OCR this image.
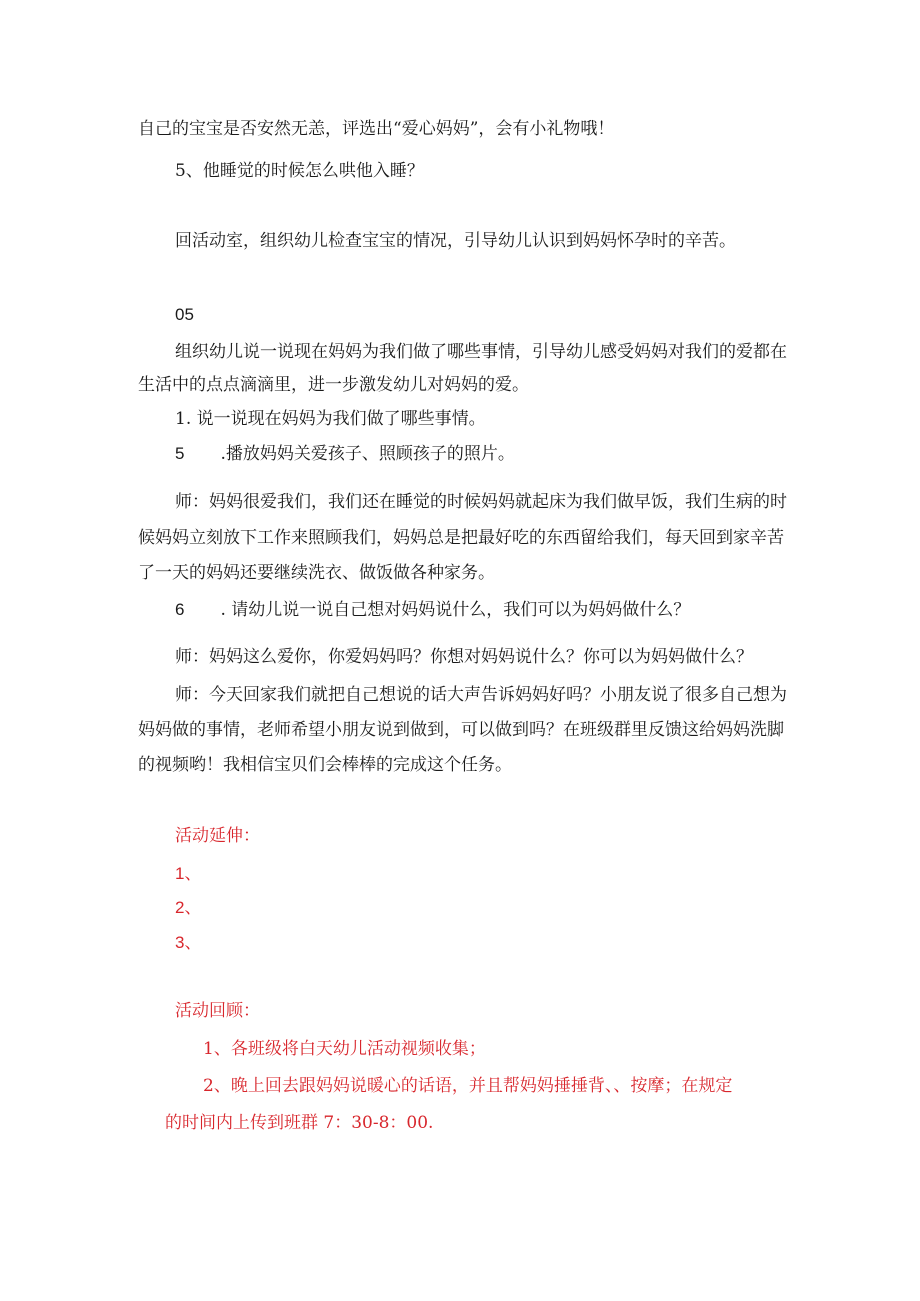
自己的宝宝是否安然无恙，评选出“爱心妈妈”，会有小礼物哦！
5、他睡觉的时候怎么哄他入睡？
回活动室，组织幼儿检查宝宝的情况，引导幼儿认识到妈妈怀孕时的辛苦。
05
组织幼儿说一说现在妈妈为我们做了哪些事情，引导幼儿感受妈妈对我们的爱都在
生活中的点点滴滴里，进一步激发幼儿对妈妈的爱。
1. 说一说现在妈妈为我们做了哪些事情。
5 .播放妈妈关爱孩子、照顾孩子的照片。
师：妈妈很爱我们，我们还在睡觉的时候妈妈就起床为我们做早饭，我们生病的时
候妈妈立刻放下工作来照顾我们，妈妈总是把最好吃的东西留给我们，每天回到家辛苦
了一天的妈妈还要继续洗衣、做饭做各种家务。
6 . 请幼儿说一说自己想对妈妈说什么，我们可以为妈妈做什么？
师：妈妈这么爱你，你爱妈妈吗？你想对妈妈说什么？你可以为妈妈做什么？
师：今天回家我们就把自己想说的话大声告诉妈妈好吗？小朋友说了很多自己想为
妈妈做的事情，老师希望小朋友说到做到，可以做到吗？在班级群里反馈这给妈妈洗脚
的视频哟！我相信宝贝们会棒棒的完成这个任务。
活动延伸：
1、
2、
3、
活动回顾：
1、各班级将白天幼儿活动视频收集；
2、晚上回去跟妈妈说暖心的话语，并且帮妈妈捶捶背、、按摩；在规定
的时间内上传到班群 7：30-8：00.
